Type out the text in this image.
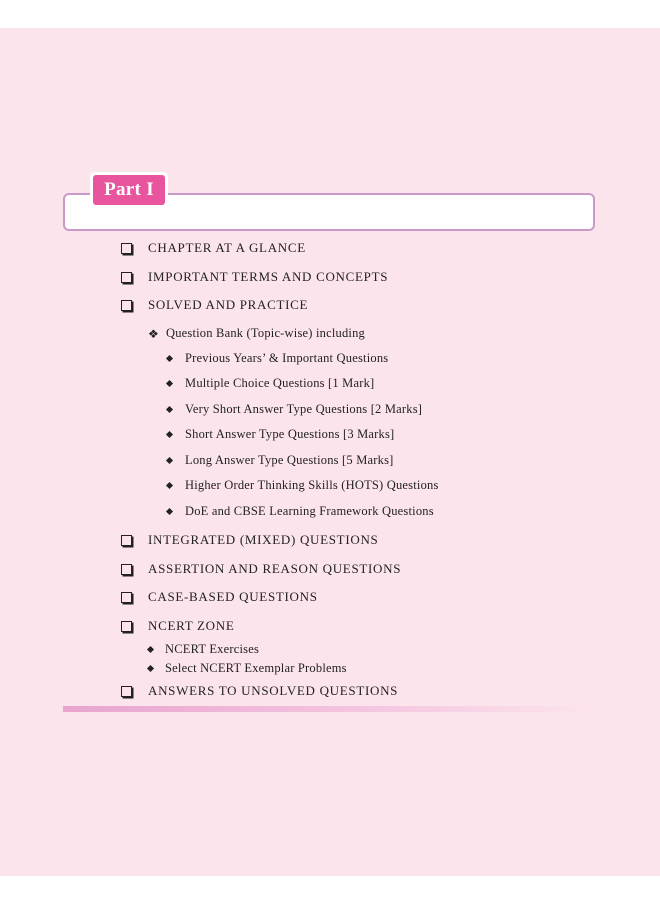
Part I
CHAPTER AT A GLANCE
IMPORTANT TERMS AND CONCEPTS
SOLVED AND PRACTICE
❖ Question Bank (Topic-wise) including
Previous Years’ & Important Questions
Multiple Choice Questions [1 Mark]
Very Short Answer Type Questions [2 Marks]
Short Answer Type Questions [3 Marks]
Long Answer Type Questions [5 Marks]
Higher Order Thinking Skills (HOTS) Questions
DoE and CBSE Learning Framework Questions
INTEGRATED (MIXED) QUESTIONS
ASSERTION AND REASON QUESTIONS
CASE-BASED QUESTIONS
NCERT ZONE
NCERT Exercises
Select NCERT Exemplar Problems
ANSWERS TO UNSOLVED QUESTIONS
